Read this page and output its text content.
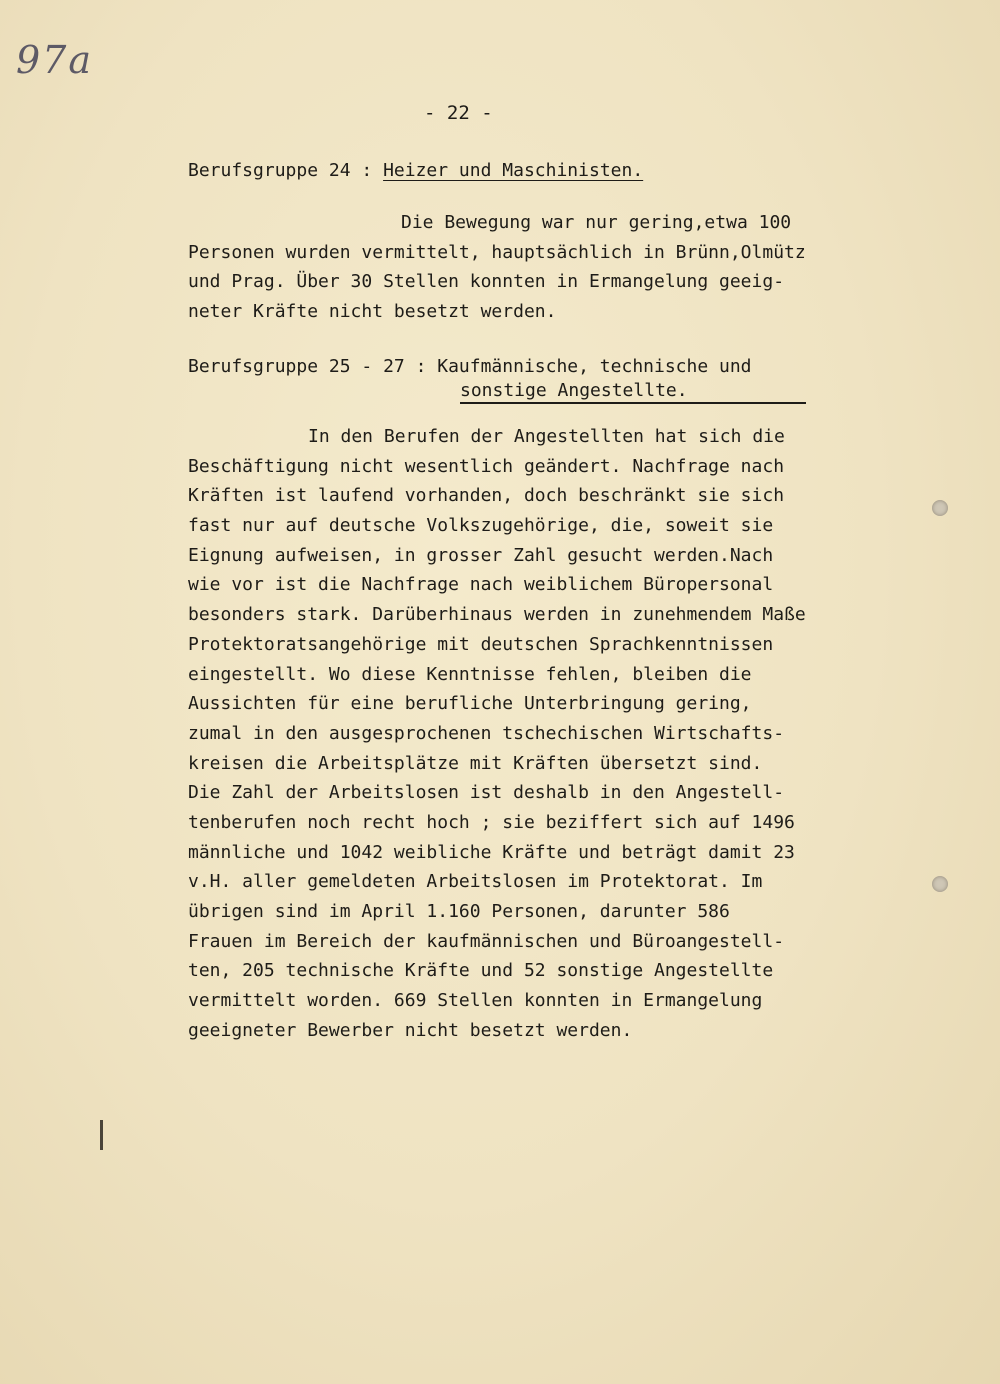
97a
- 22 -
Berufsgruppe 24 : Heizer und Maschinisten.
Die Bewegung war nur gering,etwa 100
Personen wurden vermittelt, hauptsächlich in Brünn,Olmütz
und Prag. Über 30 Stellen konnten in Ermangelung geeig-
neter Kräfte nicht besetzt werden.
Berufsgruppe 25 - 27 : Kaufmännische, technische und
sonstige Angestellte.
In den Berufen der Angestellten hat sich die
Beschäftigung nicht wesentlich geändert. Nachfrage nach
Kräften ist laufend vorhanden, doch beschränkt sie sich
fast nur auf deutsche Volkszugehörige, die, soweit sie
Eignung aufweisen, in grosser Zahl gesucht werden.Nach
wie vor ist die Nachfrage nach weiblichem Büropersonal
besonders stark. Darüberhinaus werden in zunehmendem Maße
Protektoratsangehörige mit deutschen Sprachkenntnissen
eingestellt. Wo diese Kenntnisse fehlen, bleiben die
Aussichten für eine berufliche Unterbringung gering,
zumal in den ausgesprochenen tschechischen Wirtschafts-
kreisen die Arbeitsplätze mit Kräften übersetzt sind.
Die Zahl der Arbeitslosen ist deshalb in den Angestell-
tenberufen noch recht hoch ; sie beziffert sich auf 1496
männliche und 1042 weibliche Kräfte und beträgt damit 23
v.H. aller gemeldeten Arbeitslosen im Protektorat. Im
übrigen sind im April 1.160 Personen, darunter 586
Frauen im Bereich der kaufmännischen und Büroangestell-
ten, 205 technische Kräfte und 52 sonstige Angestellte
vermittelt worden. 669 Stellen konnten in Ermangelung
geeigneter Bewerber nicht besetzt werden.
